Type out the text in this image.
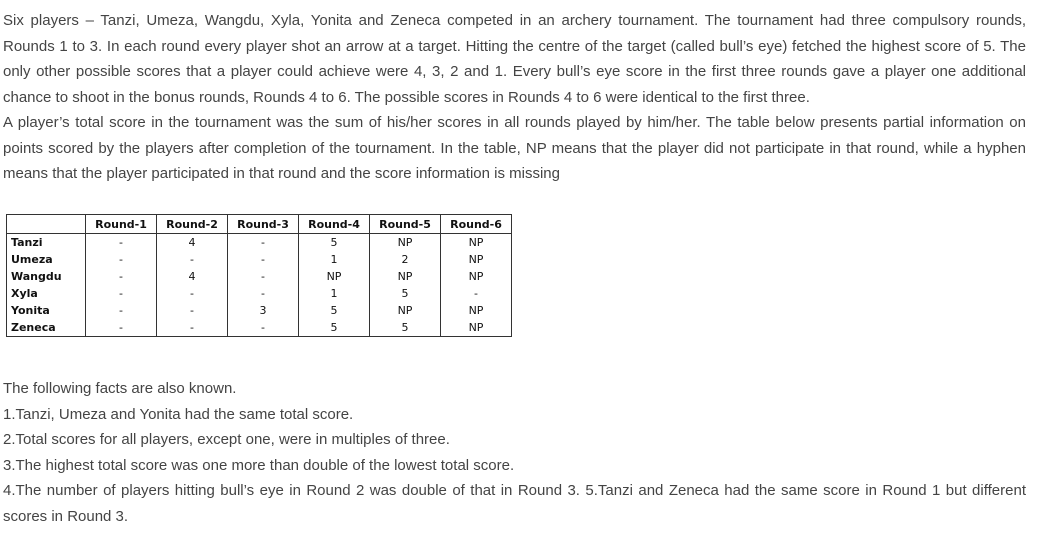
Six players – Tanzi, Umeza, Wangdu, Xyla, Yonita and Zeneca competed in an archery tournament. The tournament had three compulsory rounds, Rounds 1 to 3. In each round every player shot an arrow at a target. Hitting the centre of the target (called bull’s eye) fetched the highest score of 5. The only other possible scores that a player could achieve were 4, 3, 2 and 1. Every bull’s eye score in the first three rounds gave a player one additional chance to shoot in the bonus rounds, Rounds 4 to 6. The possible scores in Rounds 4 to 6 were identical to the first three.

A player’s total score in the tournament was the sum of his/her scores in all rounds played by him/her. The table below presents partial information on points scored by the players after completion of the tournament. In the table, NP means that the player did not participate in that round, while a hyphen means that the player participated in that round and the score information is missing

	Round-1	Round-2	Round-3	Round-4	Round-5	Round-6
Tanzi	-	4	-	5	NP	NP
Umeza	-	-	-	1	2	NP
Wangdu	-	4	-	NP	NP	NP
Xyla	-	-	-	1	5	-
Yonita	-	-	3	5	NP	NP
Zeneca	-	-	-	5	5	NP
The following facts are also known.
1.Tanzi, Umeza and Yonita had the same total score.
2.Total scores for all players, except one, were in multiples of three.
3.The highest total score was one more than double of the lowest total score.
4.The number of players hitting bull’s eye in Round 2 was double of that in Round 3. 5.Tanzi and Zeneca had the same score in Round 1 but different scores in Round 3.
